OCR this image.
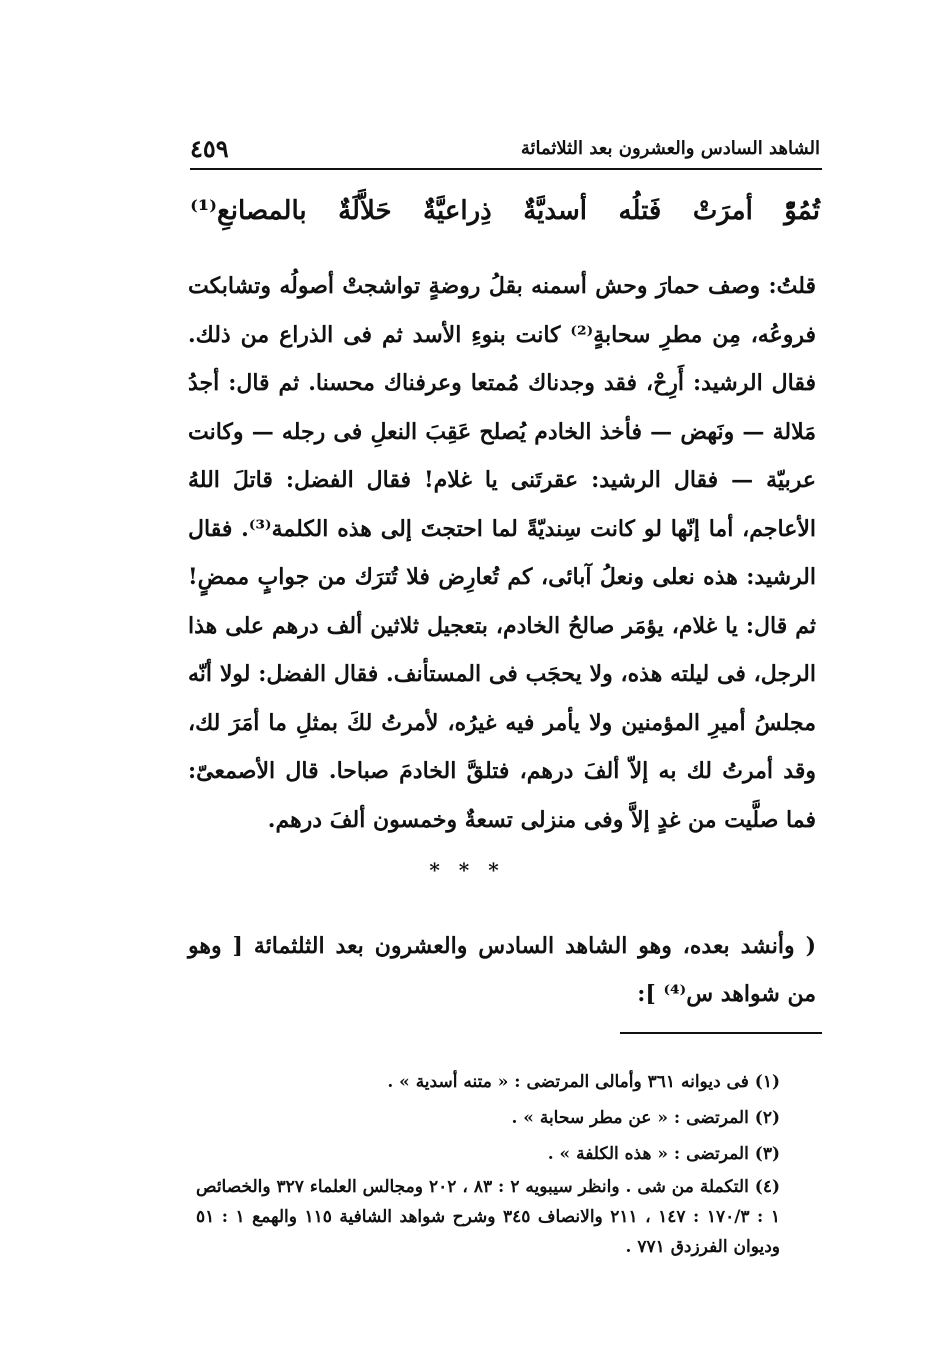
الشاهد السادس والعشرون بعد الثلاثمائة
٤٥٩
تُمُوّْ
أمرَتْ
فَتلُه
أسديَّةٌ
ذِراعيَّةٌ
حَلاَّلَةٌ
بالمصانعِ⁽¹⁾

قلتُ: وصف حمارَ وحش أسمنه بقلُ روضةٍ تواشجتْ أصولُه وتشابكت فروعُه، مِن مطرِ سحابةٍ⁽²⁾ كانت بنوءِ الأسد ثم فى الذراع من ذلك. فقال الرشيد: أَرِحْ، فقد وجدناك مُمتعا وعرفناك محسنا. ثم قال: أجدُ مَلالة — ونَهض — فأخذ الخادم يُصلح عَقِبَ النعلِ فى رجله — وكانت عربيّة — فقال الرشيد: عقرتَنى يا غلام! فقال الفضل: قاتلَ اللهُ الأعاجم، أما إنّها لو كانت سِنديّةً لما احتجتَ إلى هذه الكلمة⁽³⁾. فقال الرشيد: هذه نعلى ونعلُ آبائى، كم تُعارِض فلا تُترَك من جوابٍ ممضٍ! ثم قال: يا غلام، يؤمَر صالحُ الخادم، بتعجيل ثلاثين ألف درهم على هذا الرجل، فى ليلته هذه، ولا يحجَب فى المستأنف. فقال الفضل: لولا أنّه مجلسُ أميرِ المؤمنين ولا يأمر فيه غيرُه، لأمرتُ لكَ بمثلِ ما أمَرَ لك، وقد أمرتُ لك به إلاّ ألفَ درهم، فتلقَّ الخادمَ صباحا. قال الأصمعىّ: فما صلَّيت من غدٍ إلاَّ وفى منزلى تسعةٌ وخمسون ألفَ درهم.

* * *

( وأنشد بعده، وهو الشاهد السادس والعشرون بعد الثلثمائة [ وهو من شواهد س⁽⁴⁾ ]:

(١) فى ديوانه ٣٦١ وأمالى المرتضى : « متنه أسدية » .

(٢) المرتضى : « عن مطر سحابة » .

(٣) المرتضى : « هذه الكلفة » .

(٤) التكملة من شى . وانظر سيبويه ٢ : ٨٣ ، ٢٠٢ ومجالس العلماء ٣٢٧ والخصائص ١ : ١٧٠/٣ : ١٤٧ ، ٢١١ والانصاف ٣٤٥ وشرح شواهد الشافية ١١٥ والهمع ١ : ٥١ وديوان الفرزدق ٧٧١ .
